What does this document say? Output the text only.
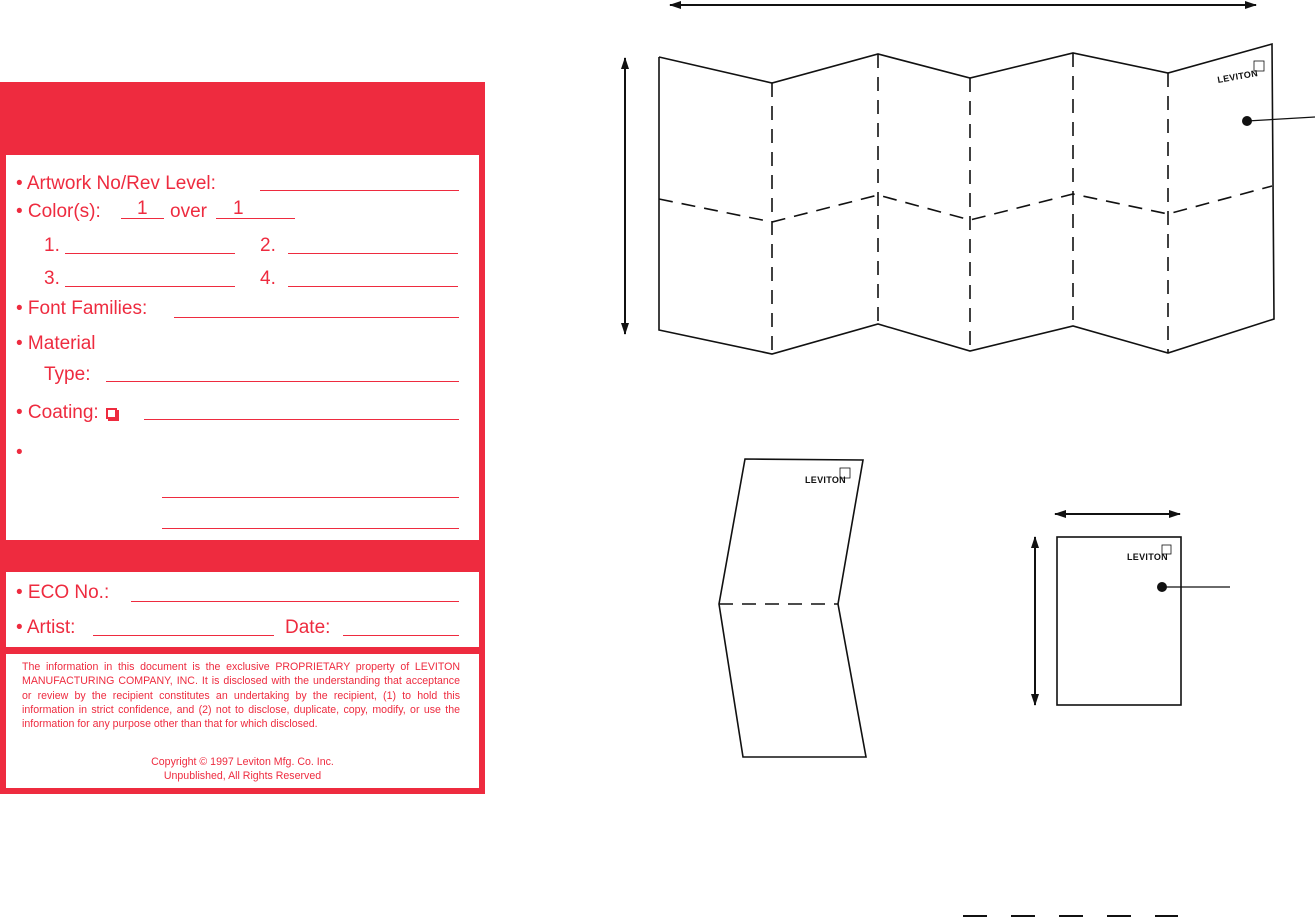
• Artwork No/Rev Level:
• Color(s): 1 over 1
1.	2.
3.	4.
• Font Families:
• Material
Type:
• Coating:
•
• ECO No.:
• Artist:	Date:
The information in this document is the exclusive PROPRIETARY property of LEVITON MANUFACTURING COMPANY, INC. It is disclosed with the understanding that acceptance or review by the recipient constitutes an undertaking by the recipient, (1) to hold this information in strict confidence, and (2) not to disclose, duplicate, copy, modify, or use the information for any purpose other than that for which disclosed.
Copyright © 1997 Leviton Mfg. Co. Inc.
Unpublished, All Rights Reserved
LEVITON
LEVITON
LEVITON
